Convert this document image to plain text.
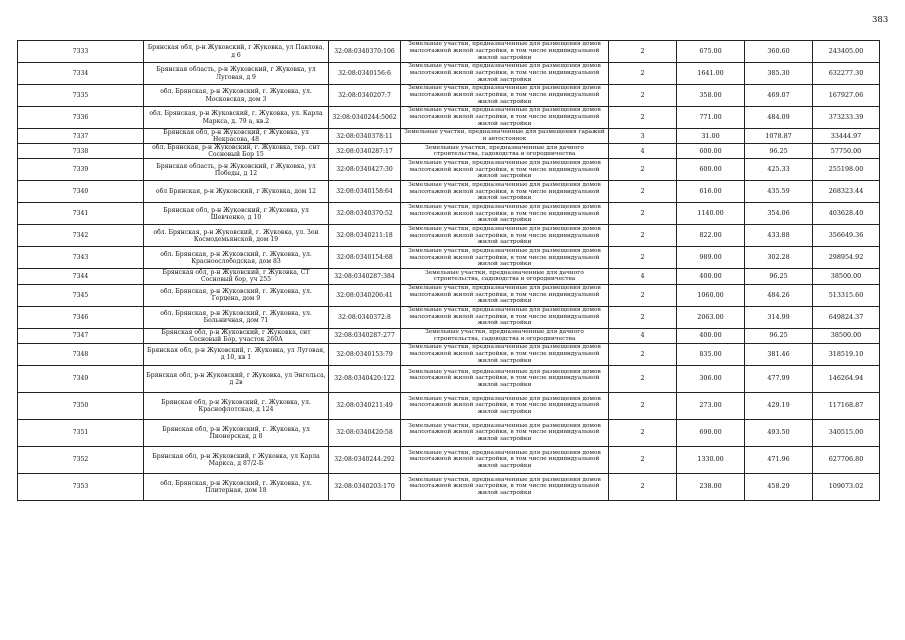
383
7333	Брянская обл, р-н Жуковский, г Жуковка, ул Павлова, д 6	32:08:0340370:106	Земельные участки, предназначенные для размещения домов малоэтажной жилой застройки, в том числе индивидуальной жилой застройки	2	675.00	360.60	243405.00
7334	Брянская область, р-н Жуковский, г Жуковка, ул Луговая, д 9	32:08:0340156:6	Земельные участки, предназначенные для размещения домов малоэтажной жилой застройки, в том числе индивидуальной жилой застройки	2	1641.00	385.30	632277.30
7335	обл. Брянская, р-н Жуковский, г. Жуковка, ул. Московская, дом 3	32:08:0340207:7	Земельные участки, предназначенные для размещения домов малоэтажной жилой застройки, в том числе индивидуальной жилой застройки	2	358.00	469.07	167927.06
7336	обл. Брянская, р-н Жуковский, г. Жуковка, ул. Карла Маркса, д. 79 а, кв.2	32:08:0340244:5062	Земельные участки, предназначенные для размещения домов малоэтажной жилой застройки, в том числе индивидуальной жилой застройки	2	771.00	484.09	373233.39
7337	Брянская обл, р-н Жуковский, г Жуковка, ул Некрасова, 48	32:08:0340378:11	Земельные участки, предназначенные для размещения гаражей и автостоянок	3	31.00	1078.87	33444.97
7338	обл. Брянская, р-н Жуковский, г. Жуковка, тер. снт Сосновый Бор 15	32:08:0340287:17	Земельные участки, предназначенные для дачного строительства, садоводства и огородничества	4	600.00	96.25	57750.00
7339	Брянская область, р-н Жуковский, г Жуковка, ул Победы, д 12	32:08:0340427:30	Земельные участки, предназначенные для размещения домов малоэтажной жилой застройки, в том числе индивидуальной жилой застройки	2	600.00	425.33	255198.00
7340	обл Брянская, р-н Жуковский, г Жуковка, дом 12	32:08:0340158:64	Земельные участки, предназначенные для размещения домов малоэтажной жилой застройки, в том числе индивидуальной жилой застройки	2	616.00	435.59	268323.44
7341	Брянская обл, р-н Жуковский, г Жуковка, ул Шевченко, д 10	32:08:0340370:52	Земельные участки, предназначенные для размещения домов малоэтажной жилой застройки, в том числе индивидуальной жилой застройки	2	1140.00	354.06	403628.40
7342	обл. Брянская, р-н Жуковский, г. Жуковка, ул. Зои Космодемьянской, дом 19	32:08:0340211:18	Земельные участки, предназначенные для размещения домов малоэтажной жилой застройки, в том числе индивидуальной жилой застройки	2	822.00	433.88	356649.36
7343	обл. Брянская, р-н Жуковский, г. Жуковка, ул. Красноослободская, дом 83	32:08:0340154:68	Земельные участки, предназначенные для размещения домов малоэтажной жилой застройки, в том числе индивидуальной жилой застройки	2	989.00	302.28	298954.92
7344	Брянская обл, р-н Жуковский, г Жуковка, СТ Сосновый бор, уч 255	32:08:0340287:384	Земельные участки, предназначенные для дачного строительства, садоводства и огородничества	4	400.00	96.25	38500.00
7345	обл. Брянская, р-н Жуковский, г. Жуковка, ул. Герцена, дом 9	32:08:0340206:41	Земельные участки, предназначенные для размещения домов малоэтажной жилой застройки, в том числе индивидуальной жилой застройки	2	1060.00	484.26	513315.60
7346	обл. Брянская, р-н Жуковский, г. Жуковка, ул. Больничная, дом 71	32:08:0340372:8	Земельные участки, предназначенные для размещения домов малоэтажной жилой застройки, в том числе индивидуальной жилой застройки	2	2063.00	314.99	649824.37
7347	Брянская обл, р-н Жуковский, г Жуковка, снт Сосновый Бор, участок 260А	32:08:0340287:277	Земельные участки, предназначенные для дачного строительства, садоводства и огородничества	4	400.00	96.25	38500.00
7348	Брянская обл, р-н Жуковский, г. Жуковка, ул Луговая, д 10, кв 1	32:08:0340153:79	Земельные участки, предназначенные для размещения домов малоэтажной жилой застройки, в том числе индивидуальной жилой застройки	2	835.00	381.46	318519.10
7349	Брянская обл, р-н Жуковский, г Жуковка, ул Энгельса, д 2в	32:08:0340420:122	Земельные участки, предназначенные для размещения домов малоэтажной жилой застройки, в том числе индивидуальной жилой застройки	2	306.00	477.99	146264.94
7350	Брянская обл, р-н Жуковский, г. Жуковка, ул. Краснофлотская, д 124	32:08:0340211:49	Земельные участки, предназначенные для размещения домов малоэтажной жилой застройки, в том числе индивидуальной жилой застройки	2	273.00	429.19	117168.87
7351	Брянская обл, р-н Жуковский, г. Жуковка, ул Пионерская, д 8	32:08:0340420:58	Земельные участки, предназначенные для размещения домов малоэтажной жилой застройки, в том числе индивидуальной жилой застройки	2	690.00	493.50	340515.00
7352	Брянская обл, р-н Жуковский, г Жуковка, ул Карла Маркса, д 87/2-Б	32:08:0340244:292	Земельные участки, предназначенные для размещения домов малоэтажной жилой застройки, в том числе индивидуальной жилой застройки	2	1330.00	471.96	627706.80
7353	обл. Брянская, р-н Жуковский, г. Жуковка, ул. Плитерная, дом 18	32:08:0340203:170	Земельные участки, предназначенные для размещения домов малоэтажной жилой застройки, в том числе индивидуальной жилой застройки	2	238.00	458.29	109073.02
